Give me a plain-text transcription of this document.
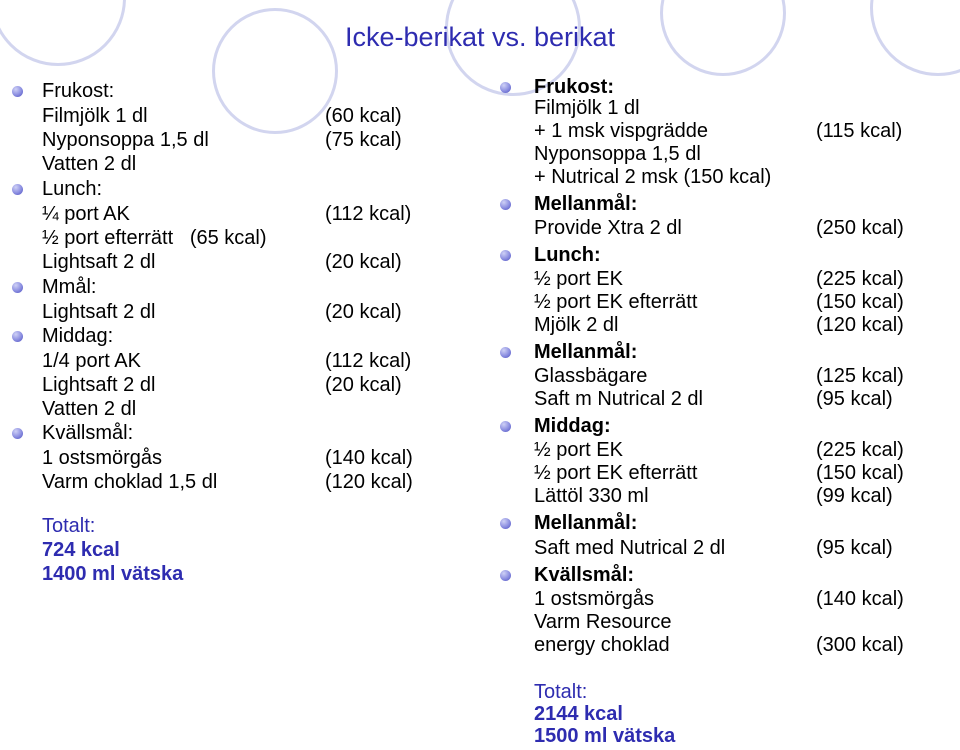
Icke-berikat vs. berikat
Frukost:
Filmjölk 1 dl	(60 kcal)
Nyponsoppa 1,5 dl	(75 kcal)
Vatten 2 dl
Lunch:
¼ port AK	(112 kcal)
½ port efterrätt   (65 kcal)
Lightsaft 2 dl	(20 kcal)
Mmål:
Lightsaft 2 dl	(20 kcal)
Middag:
1/4 port AK	(112 kcal)
Lightsaft 2 dl	(20 kcal)
Vatten 2 dl
Kvällsmål:
1 ostsmörgås	(140 kcal)
Varm choklad 1,5 dl	(120 kcal)
Totalt:
724 kcal
1400 ml vätska
Frukost:
Filmjölk 1 dl
+ 1 msk vispgrädde	(115 kcal)
Nyponsoppa 1,5 dl
+ Nutrical 2 msk (150 kcal)
Mellanmål:
Provide Xtra 2 dl	(250 kcal)
Lunch:
½ port EK	(225 kcal)
½ port EK efterrätt	(150 kcal)
Mjölk 2 dl	(120 kcal)
Mellanmål:
Glassbägare	(125 kcal)
Saft m Nutrical 2 dl	(95 kcal)
Middag:
½ port EK	(225 kcal)
½ port EK efterrätt	(150 kcal)
Lättöl 330 ml	(99 kcal)
Mellanmål:
Saft med Nutrical 2 dl	(95 kcal)
Kvällsmål:
1 ostsmörgås	(140 kcal)
Varm Resource
energy choklad	(300 kcal)
Totalt:
2144 kcal
1500 ml vätska
